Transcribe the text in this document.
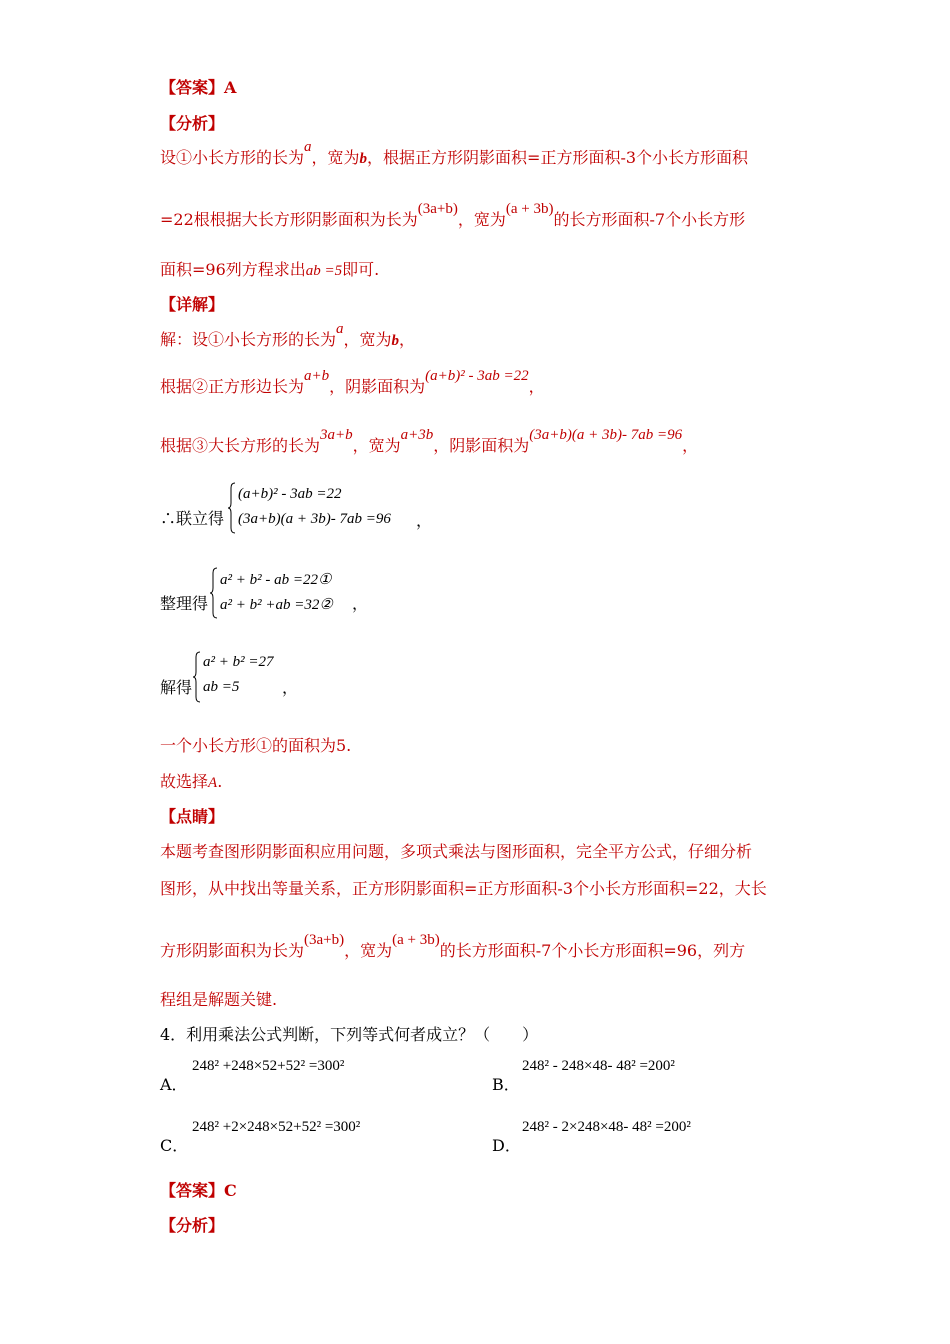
【答案】A
【分析】
设①小长方形的长为a，宽为b，根据正方形阴影面积=正方形面积-3个小长方形面积
=22根根据大长方形阴影面积为长为(3a+b)，宽为(a + 3b)的长方形面积-7个小长方形
面积=96列方程求出ab =5即可.
【详解】
解：设①小长方形的长为a，宽为b，
根据②正方形边长为a+b，阴影面积为(a+b)² - 3ab =22，
根据③大长方形的长为3a+b，宽为a+3b，阴影面积为(3a+b)(a + 3b)- 7ab =96，
∴联立得
(a+b)² - 3ab =22
(3a+b)(a + 3b)- 7ab =96 ，
整理得
a² + b² - ab =22①
a² + b² +ab =32② ，
解得
a² + b² =27
ab =5	，
一个小长方形①的面积为5.
故选择A.
【点睛】
本题考查图形阴影面积应用问题，多项式乘法与图形面积，完全平方公式，仔细分析
图形，从中找出等量关系，正方形阴影面积=正方形面积-3个小长方形面积=22，大长
方形阴影面积为长为(3a+b)，宽为(a + 3b)的长方形面积-7个小长方形面积=96，列方
程组是解题关键.
4．利用乘法公式判断，下列等式何者成立？（　　）
A．
248² +248×52+52² =300²
B．
248² - 248×48- 48² =200²
C．
248² +2×248×52+52² =300²
D．
248² - 2×248×48- 48² =200²
【答案】C
【分析】
